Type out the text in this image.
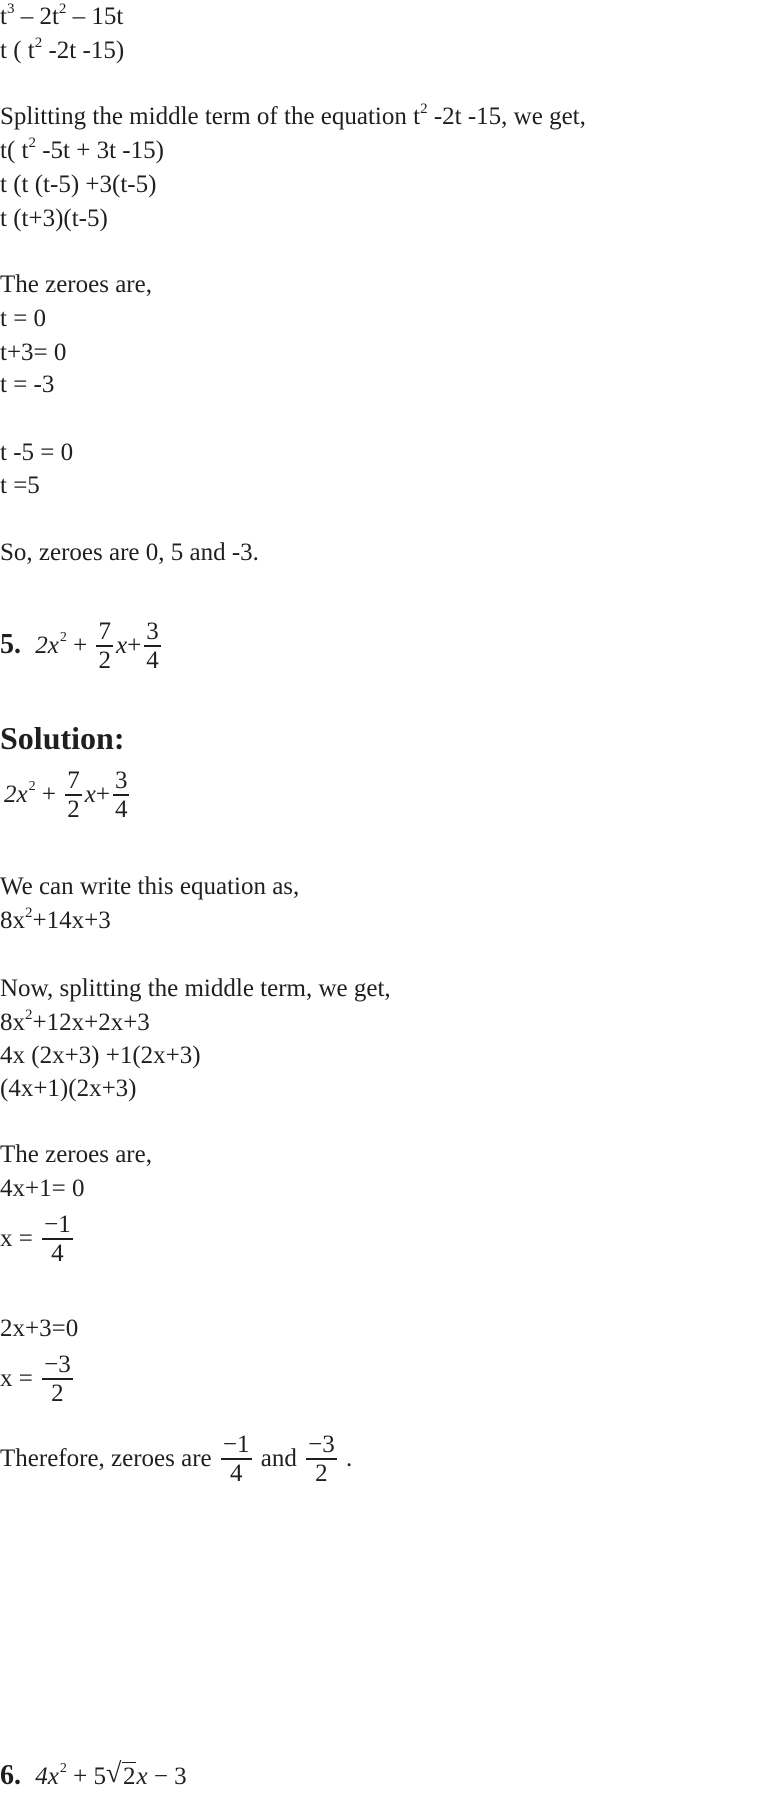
$t^3 - 2t^2 - 15t$
t ( $t^2$ -2t -15)
Splitting the middle term of the equation $t^2$ -2t -15, we get,
t( $t^2$ -5t + 3t -15)
t (t (t-5) +3(t-5)
t (t+3)(t-5)
The zeroes are,
t = 0
t+3= 0
t = -3
t -5 = 0
t =5
So, zeroes are 0, 5 and -3.
5. $2x^2 + \frac{7}{2} x+ \frac{3}{4}$
Solution:
$2x^2 + \frac{7}{2} x+ \frac{3}{4}$
We can write this equation as,
$8x^2+14x+3$
Now, splitting the middle term, we get,
$8x^2+12x+2x+3$
4x (2x+3) +1(2x+3)
(4x+1)(2x+3)
The zeroes are,
4x+1= 0
$x = \frac{-1}{4}$
2x+3=0
$x = \frac{-3}{2}$
Therefore, zeroes are $\frac{-1}{4}$ and $\frac{-3}{2}$ .
6. $4x^2 + 5$ √ 2x − 3
